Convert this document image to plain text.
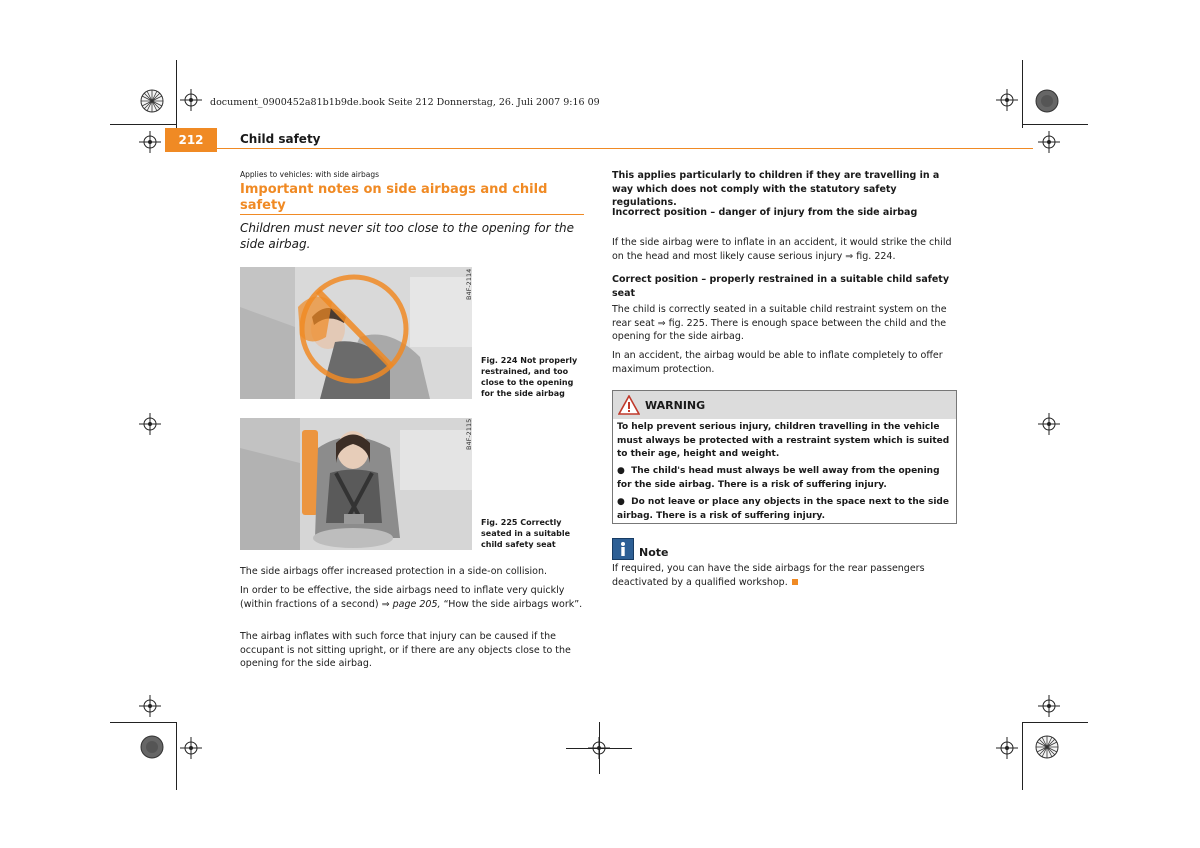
document_0900452a81b1b9de.book Seite 212 Donnerstag, 26. Juli 2007 9:16 09
212	Child safety
Applies to vehicles: with side airbags
Important notes on side airbags and child safety
Children must never sit too close to the opening for the side airbag.
B4F-2114
Fig. 224 Not properly restrained, and too close to the opening for the side airbag
B4F-2115
Fig. 225 Correctly seated in a suitable child safety seat
The side airbags offer increased protection in a side-on collision.
In order to be effective, the side airbags need to inflate very quickly (within fractions of a second) ⇒ page 205, “How the side airbags work”.
The airbag inflates with such force that injury can be caused if the occupant is not sitting upright, or if there are any objects close to the opening for the side airbag.
This applies particularly to children if they are travelling in a way which does not comply with the statutory safety regulations.
Incorrect position – danger of injury from the side airbag
If the side airbag were to inflate in an accident, it would strike the child on the head and most likely cause serious injury ⇒ fig. 224.
Correct position – properly restrained in a suitable child safety seat
The child is correctly seated in a suitable child restraint system on the rear seat ⇒ fig. 225. There is enough space between the child and the opening for the side airbag.
In an accident, the airbag would be able to inflate completely to offer maximum protection.
WARNING
To help prevent serious injury, children travelling in the vehicle must always be protected with a restraint system which is suited to their age, height and weight.
●  The child's head must always be well away from the opening for the side airbag. There is a risk of suffering injury.
●  Do not leave or place any objects in the space next to the side airbag. There is a risk of suffering injury.
Note
If required, you can have the side airbags for the rear passengers deactivated by a qualified workshop.
